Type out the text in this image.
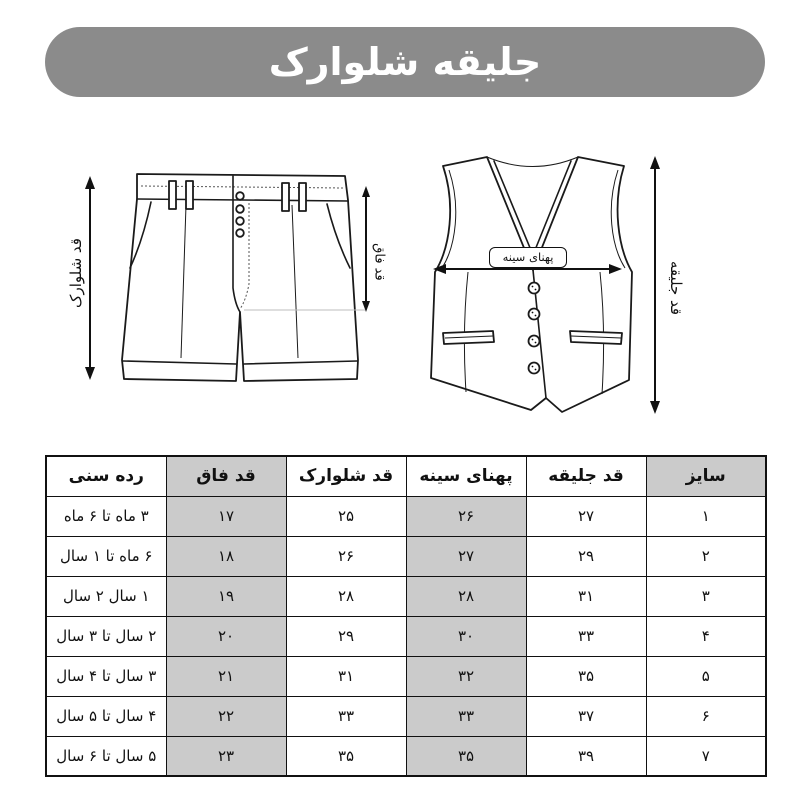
جلیقه شلوارک
قد شلوارک	قد فاق	پهنای سینه
قد جلیقه
سایز	قد جلیقه	پهنای سینه	قد شلوارک	قد فاق	رده سنی
۱	۲۷	۲۶	۲۵	۱۷	۳ ماه تا ۶ ماه
۲	۲۹	۲۷	۲۶	۱۸	۶ ماه تا ۱ سال
۳	۳۱	۲۸	۲۸	۱۹	۱ سال ۲ سال
۴	۳۳	۳۰	۲۹	۲۰	۲ سال تا ۳ سال
۵	۳۵	۳۲	۳۱	۲۱	۳ سال تا ۴ سال
۶	۳۷	۳۳	۳۳	۲۲	۴ سال تا ۵ سال
۷	۳۹	۳۵	۳۵	۲۳	۵ سال تا ۶ سال
